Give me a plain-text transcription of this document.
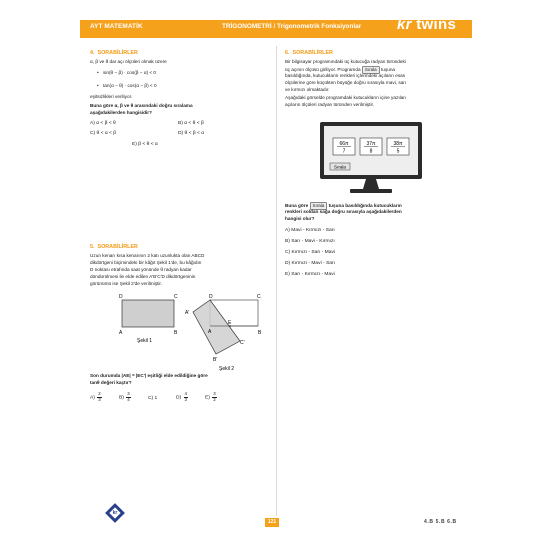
AYT MATEMATİK	TRİGONOMETRİ / Trigonometrik Fonksiyonlar kr twins
4. SORABİLİRLER
α, β ve θ dar açı ölçüleri olmak üzere
• sin(θ − β) · cos(β − α) < 0
• tan(α − θ) · cos(α − β) < 0
eşitsizlikleri veriliyor.
Buna göre α, β ve θ arasındaki doğru sıralama
aşağıdakilerden hangisidir?
A) α < β < θ	B) α < θ < β
C) θ < α < β	D) θ < β < α
E) β < θ < α
5. SORABİLİRLER
Uzun kenarı kısa kenarının 2 katı uzunlukta olan ABCD
dikdörtgeni biçimindeki bir kâğıt Şekil 1'de, bu kâğıdın
D noktası etrafında saat yönünde θ radyan kadar
döndürülmesi ile elde edilen A'B'C'D dikdörtgeninin
görünümü ise Şekil 2'de verilmiştir.
D	C
A	B
Şekil 1
D	C
A'
E
A	B
C'
B'
Şekil 2
Son durumda |AE| = |EC'| eşitliği elde edildiğine göre
tanθ değeri kaçtır?
$A) \frac{2}{3}$	$B) \frac{3}{4}$	C) 1	$D) \frac{4}{3}$	$E) \frac{3}{2}$
6. SORABİLİRLER
Bir bilgisayar programındaki üç kutucuğa radyan türündeki
üç açının ölçüsü giriliyor. Programda Sırala tuşuna
basıldığında, kutucukların renkleri içlerindeki açıların esas
ölçülerine göre küçükten büyüğe doğru sırasıyla mavi, sarı
ve kırmızı olmaktadır.
Aşağıdaki görselde programdaki kutucukların içine yazılan
açıların ölçüleri radyan türünden verilmiştir.
66π
7
37π
8
38π
5
Sırala
Buna göre Sırala tuşuna basıldığında kutucukların
renkleri soldan sağa doğru sırasıyla aşağıdakilerden
hangisi olur?
A) Mavi - Kırmızı - Sarı
B) Sarı - Mavi - Kırmızı
C) Kırmızı - Sarı - Mavi
D) Kırmızı - Mavi - Sarı
E) Sarı - Kırmızı - Mavi
kr
121	4.B 5.B 6.B
